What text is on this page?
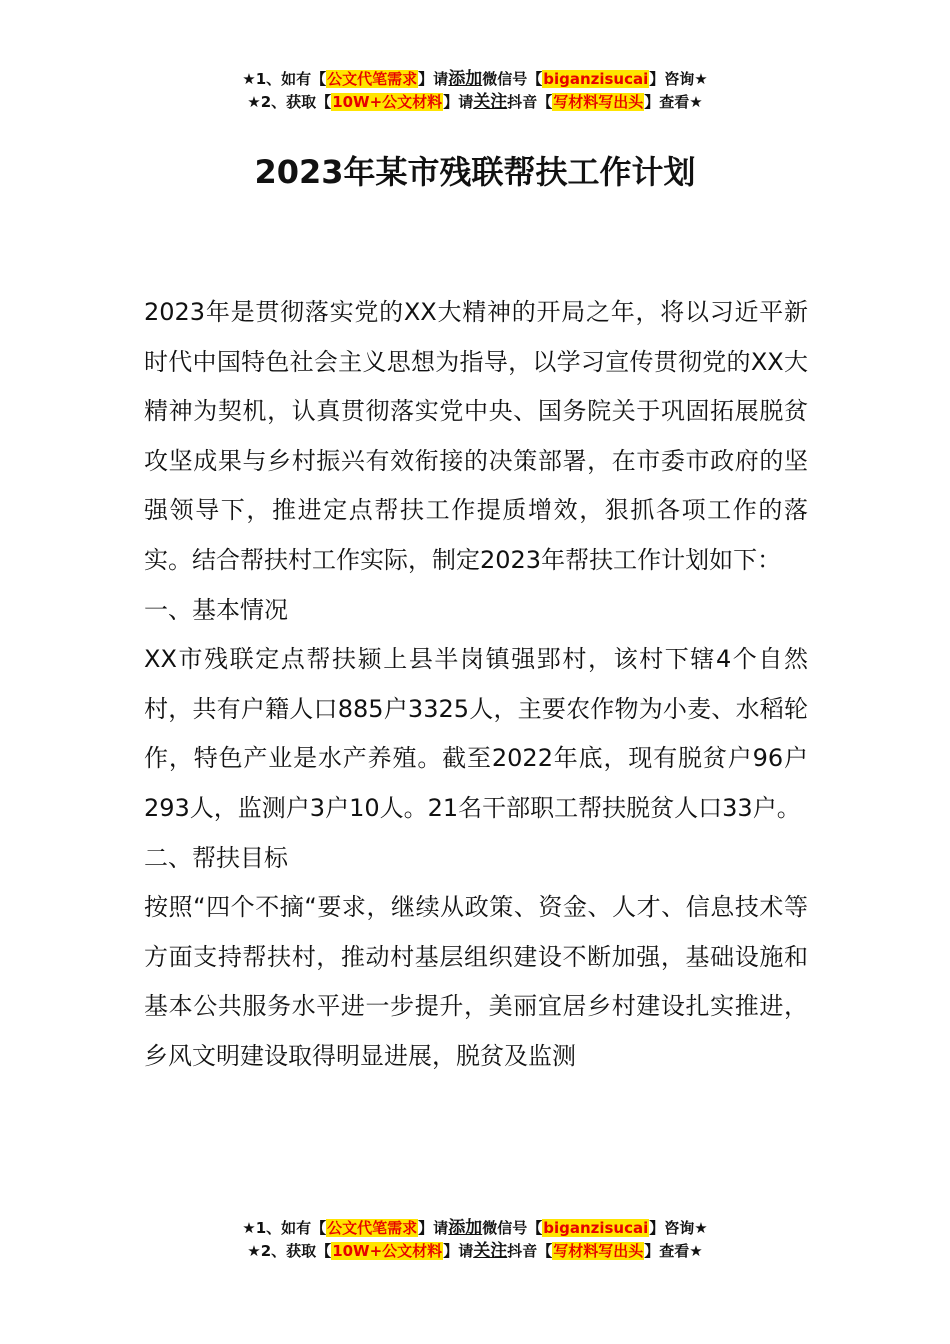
★1、如有【公文代笔需求】请添加微信号【biganzisucai】咨询★
★2、获取【10W+公文材料】请关注抖音【写材料写出头】查看★
2023年某市残联帮扶工作计划

2023年是贯彻落实党的XX大精神的开局之年，将以习近平新时代中国特色社会主义思想为指导，以学习宣传贯彻党的XX大精神为契机，认真贯彻落实党中央、国务院关于巩固拓展脱贫攻坚成果与乡村振兴有效衔接的决策部署，在市委市政府的坚强领导下，推进定点帮扶工作提质增效，狠抓各项工作的落实。结合帮扶村工作实际，制定2023年帮扶工作计划如下：

一、基本情况

XX市残联定点帮扶颍上县半岗镇强郢村，该村下辖4个自然村，共有户籍人口885户3325人，主要农作物为小麦、水稻轮作，特色产业是水产养殖。截至2022年底，现有脱贫户96户293人，监测户3户10人。21名干部职工帮扶脱贫人口33户。

二、帮扶目标

按照“四个不摘“要求，继续从政策、资金、人才、信息技术等方面支持帮扶村，推动村基层组织建设不断加强，基础设施和基本公共服务水平进一步提升，美丽宜居乡村建设扎实推进，乡风文明建设取得明显进展，脱贫及监测

★1、如有【公文代笔需求】请添加微信号【biganzisucai】咨询★
★2、获取【10W+公文材料】请关注抖音【写材料写出头】查看★
